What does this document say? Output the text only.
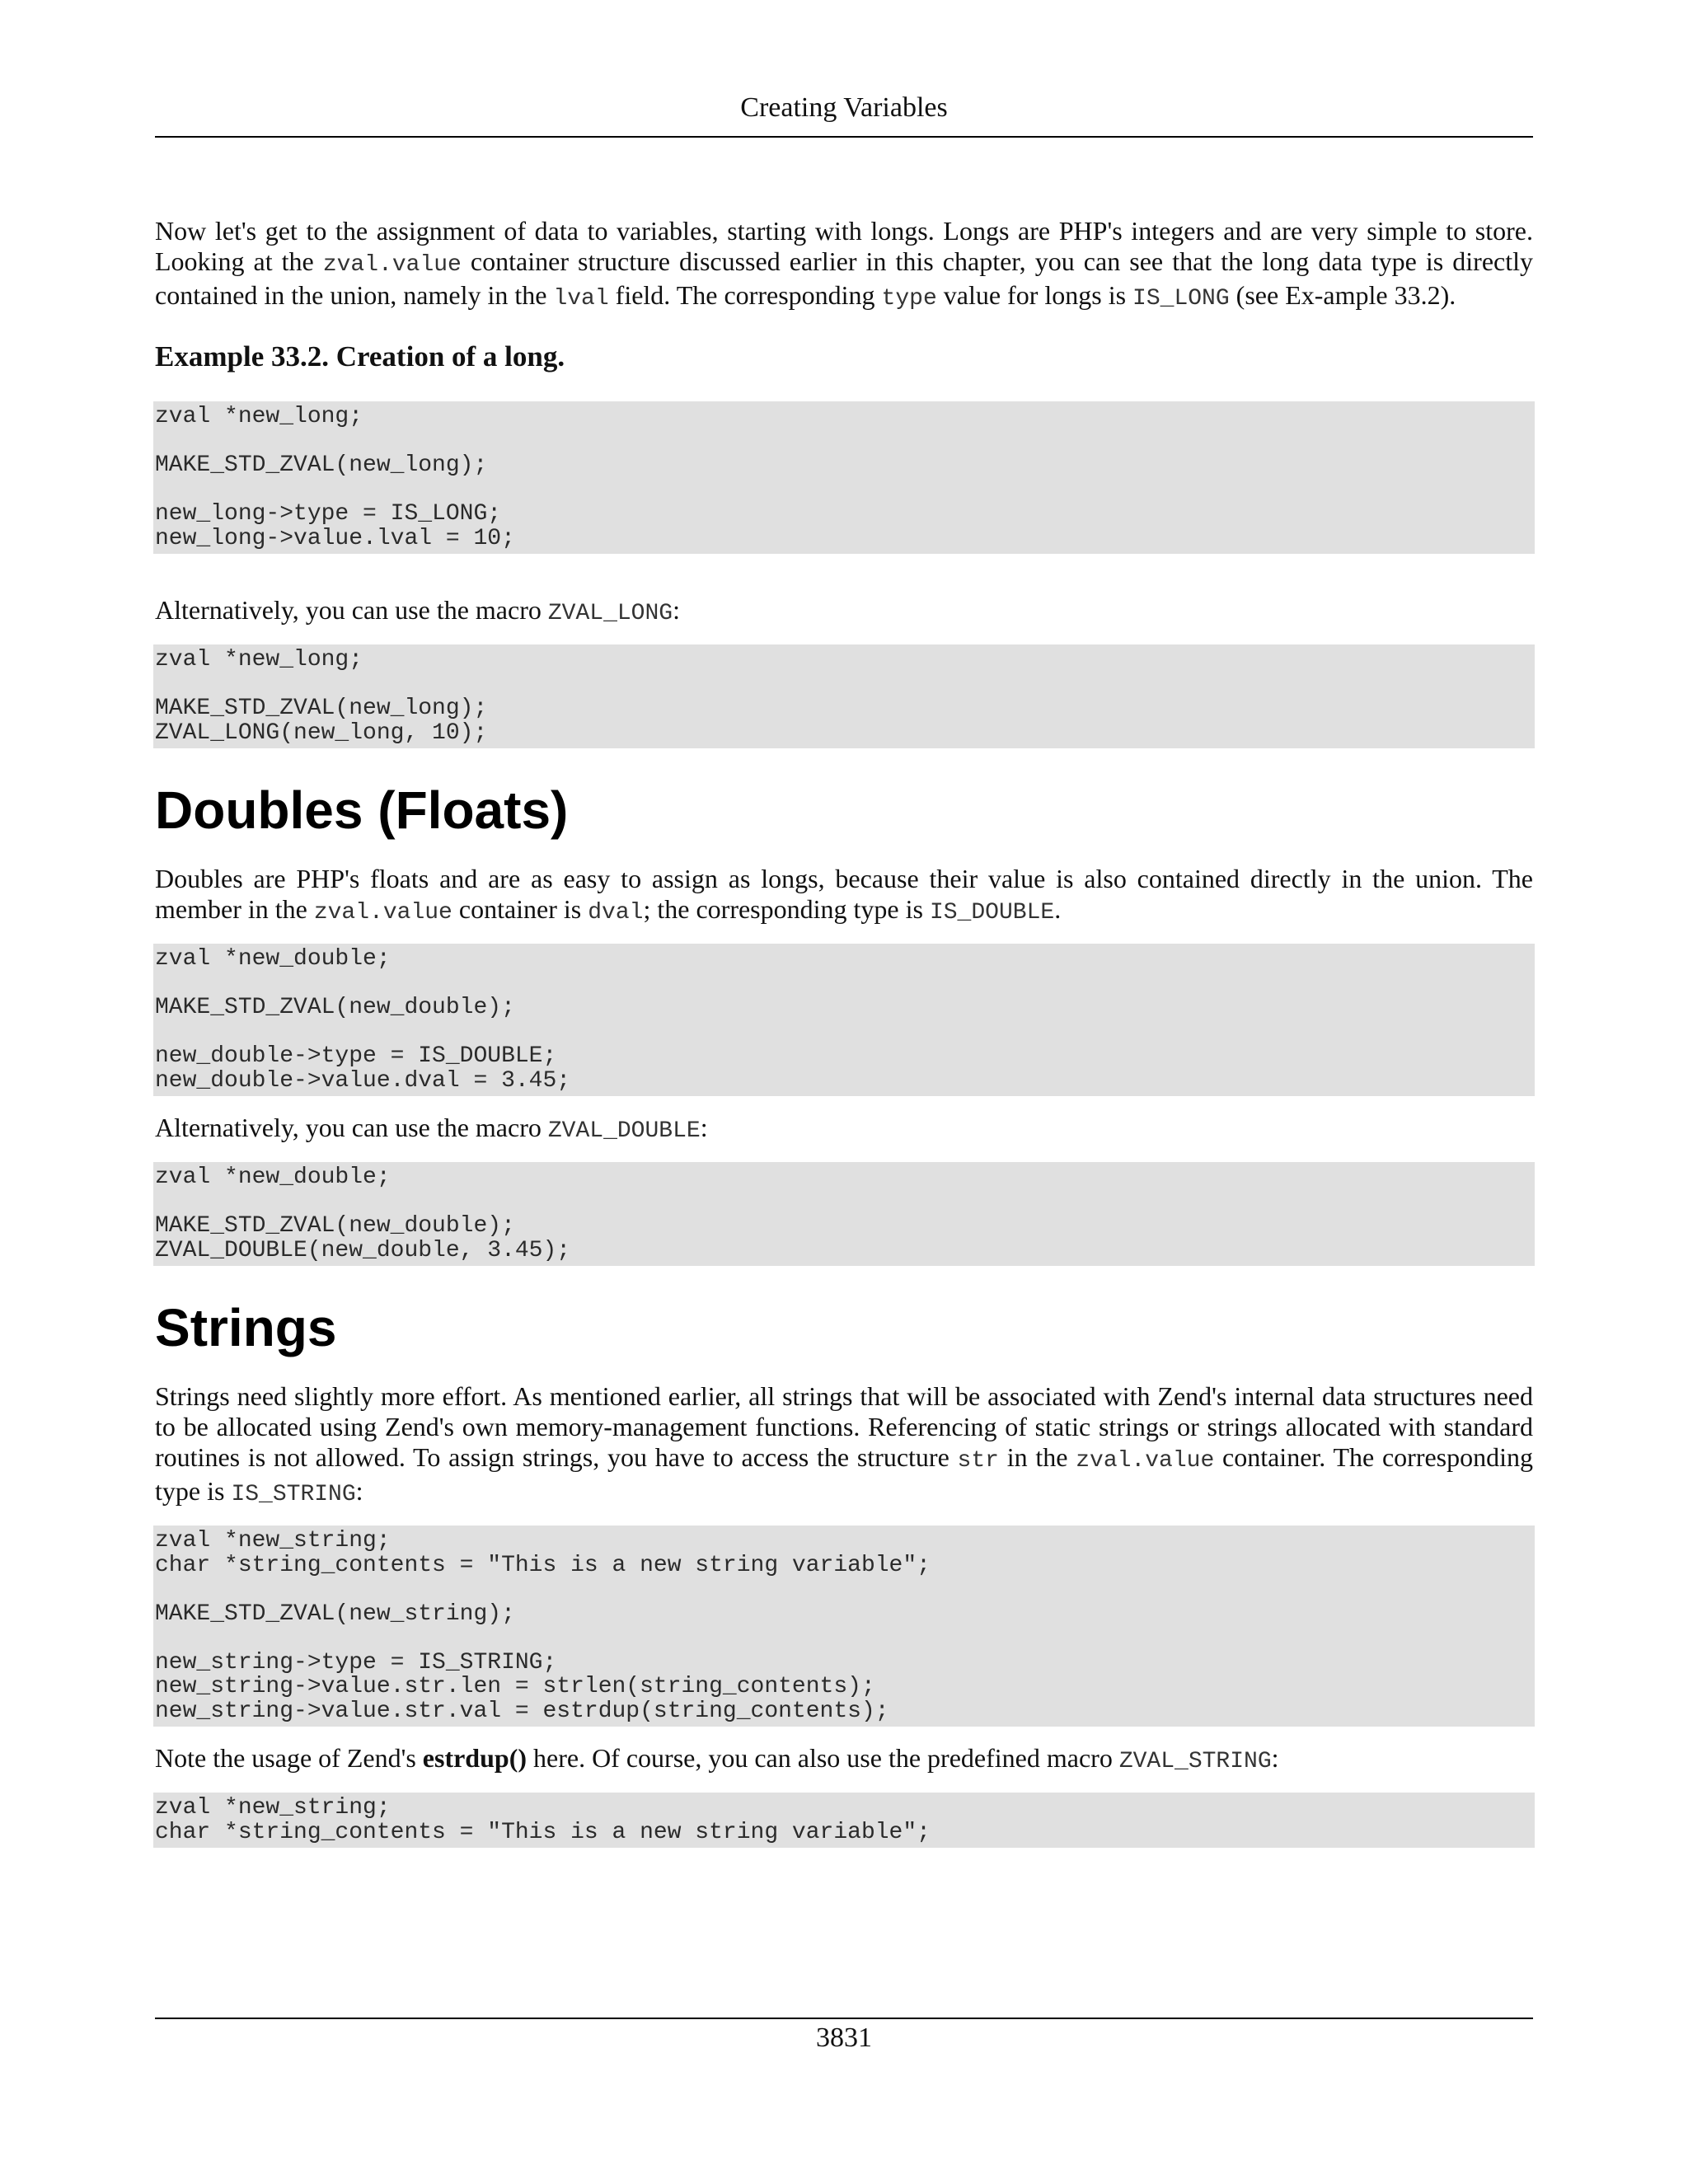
Creating Variables

Now let's get to the assignment of data to variables, starting with longs. Longs are PHP's integers and are very simple to store. Looking at the zval.value container structure discussed earlier in this chapter, you can see that the long data type is directly contained in the union, namely in the lval field. The corresponding type value for longs is IS_LONG (see Ex-ample 33.2).

Example 33.2. Creation of a long.

zval *new_long;

MAKE_STD_ZVAL(new_long);

new_long->type = IS_LONG;
new_long->value.lval = 10;

Alternatively, you can use the macro ZVAL_LONG:

zval *new_long;

MAKE_STD_ZVAL(new_long);
ZVAL_LONG(new_long, 10);
Doubles (Floats)

Doubles are PHP's floats and are as easy to assign as longs, because their value is also contained directly in the union. The member in the zval.value container is dval; the corresponding type is IS_DOUBLE.

zval *new_double;

MAKE_STD_ZVAL(new_double);

new_double->type = IS_DOUBLE;
new_double->value.dval = 3.45;

Alternatively, you can use the macro ZVAL_DOUBLE:

zval *new_double;

MAKE_STD_ZVAL(new_double);
ZVAL_DOUBLE(new_double, 3.45);
Strings

Strings need slightly more effort. As mentioned earlier, all strings that will be associated with Zend's internal data structures need to be allocated using Zend's own memory-management functions. Referencing of static strings or strings allocated with standard routines is not allowed. To assign strings, you have to access the structure str in the zval.value container. The corresponding type is IS_STRING:

zval *new_string;
char *string_contents = "This is a new string variable";

MAKE_STD_ZVAL(new_string);

new_string->type = IS_STRING;
new_string->value.str.len = strlen(string_contents);
new_string->value.str.val = estrdup(string_contents);

Note the usage of Zend's estrdup() here. Of course, you can also use the predefined macro ZVAL_STRING:

zval *new_string;
char *string_contents = "This is a new string variable";
3831
